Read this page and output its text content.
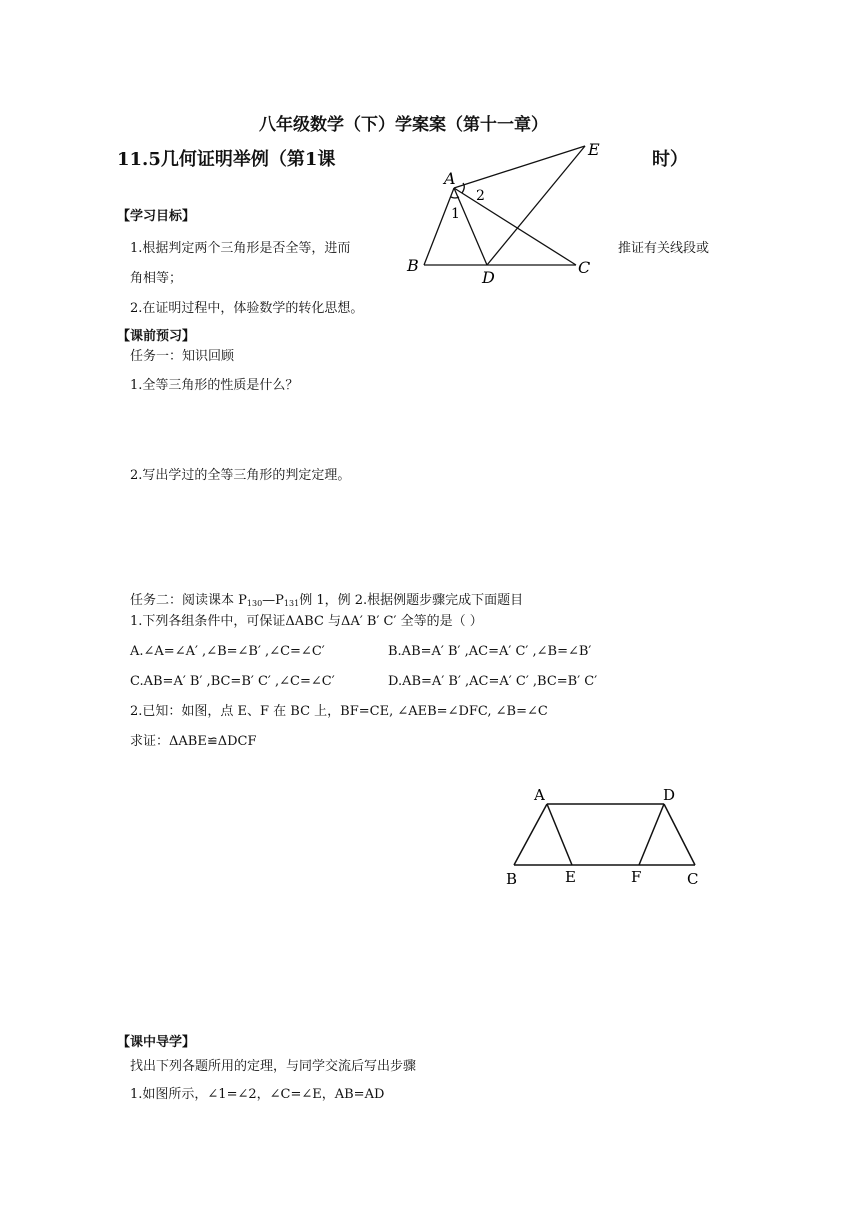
八年级数学（下）学案案（第十一章）
11.5几何证明举例（第1课	时）
A
E
B
D
C
2
1
【学习目标】
1.根据判定两个三角形是否全等，进而	推证有关线段或
角相等；
2.在证明过程中，体验数学的转化思想。
【课前预习】
任务一：知识回顾
1.全等三角形的性质是什么？
2.写出学过的全等三角形的判定定理。
任务二：阅读课本 $P_{130}—P_{131}$例 1，例 2.根据例题步骤完成下面题目
1.下列各组条件中，可保证ΔABC 与ΔA′ B′ C′ 全等的是（ ）
A.∠A=∠A′ ,∠B=∠B′ ,∠C=∠C′	B.AB=A′ B′ ,AC=A′ C′ ,∠B=∠B′
C.AB=A′ B′ ,BC=B′ C′ ,∠C=∠C′	D.AB=A′ B′ ,AC=A′ C′ ,BC=B′ C′
2.已知：如图，点 E、F 在 BC 上，BF=CE, ∠AEB=∠DFC, ∠B=∠C
求证：ΔABE≌ΔDCF
A	D
B	E	F	C
【课中导学】
找出下列各题所用的定理，与同学交流后写出步骤
1.如图所示，∠1=∠2，∠C=∠E，AB=AD
